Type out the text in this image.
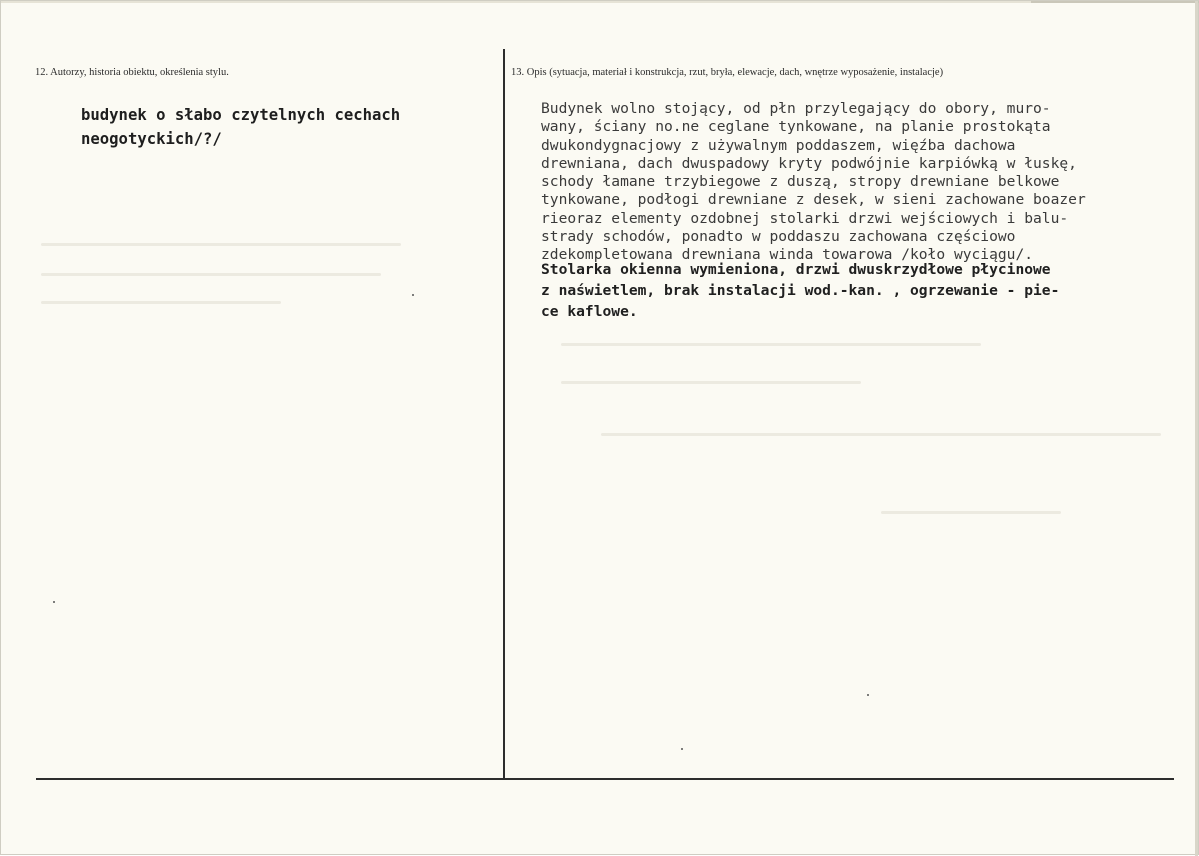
12. Autorzy, historia obiektu, określenia stylu.	13. Opis (sytuacja, materiał i konstrukcja, rzut, bryła, elewacje, dach, wnętrze wyposażenie, instalacje)
budynek o słabo czytelnych cechach
neogotyckich/?/
Budynek wolno stojący, od płn przylegający do obory, muro-
wany, ściany no.ne ceglane tynkowane, na planie prostokąta
dwukondygnacjowy z używalnym poddaszem, więźba dachowa
drewniana, dach dwuspadowy kryty podwójnie karpiówką w łuskę,
schody łamane trzybiegowe z duszą, stropy drewniane belkowe
tynkowane, podłogi drewniane z desek, w sieni zachowane boazer
rieoraz elementy ozdobnej stolarki drzwi wejściowych i balu-
strady schodów, ponadto w poddaszu zachowana częściowo
zdekompletowana drewniana winda towarowa /koło wyciągu/.
Stolarka okienna wymieniona, drzwi dwuskrzydłowe płycinowe
z naświetlem, brak instalacji wod.-kan. , ogrzewanie - pie-
ce kaflowe.
